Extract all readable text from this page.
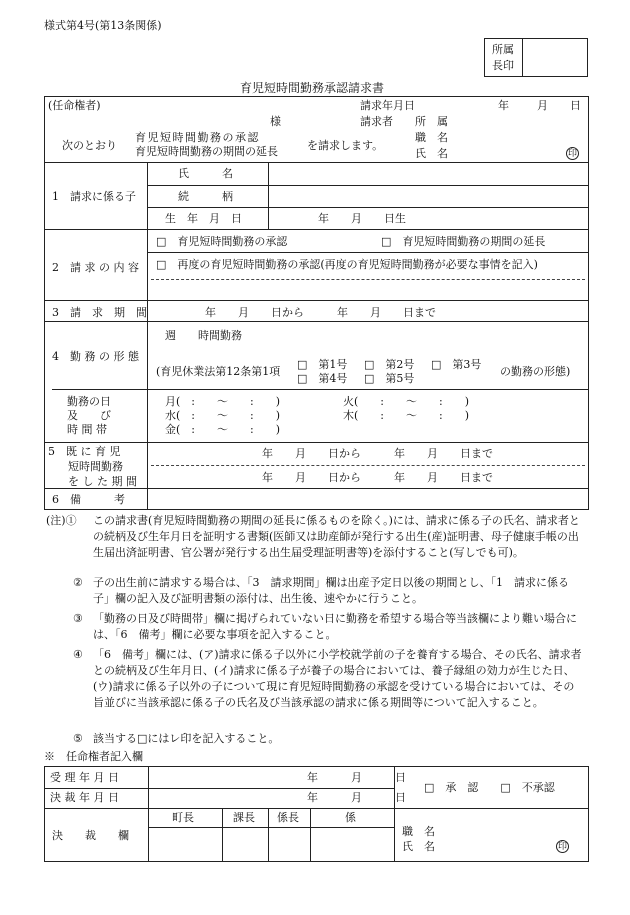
様式第4号(第13条関係)
所属
長印
育児短時間勤務承認請求書
(任命権者)	請求年月日	年	月 日
様	請求者 所　属
次のとおり
育児短時間勤務の承認
育児短時間勤務の期間の延長	を請求します。
職　名
氏　名	印
1　請求に係る子
氏　　　名
続　　　柄
生　年　月　日	年　　月　　日生
2　請 求 の 内 容
□　育児短時間勤務の承認	□　育児短時間勤務の期間の延長
□　再度の育児短時間勤務の承認(再度の育児短時間勤務が必要な事情を記入)
3　請　求　期　間	年　　月　　日から　　　年　　月　　日まで
4　勤 務 の 形 態
週　　時間勤務
(育児休業法第12条第1項
□　第1号 □　第2号 □　第3号
□　第4号 □　第5号
の勤務の形態)
勤務の日
及　　び
時 間 帯
月(　:　　〜　　:　　)	火(　　:　　〜　　:　　)
水(　:　　〜　　:　　)	木(　　:　　〜　　:　　)
金(　:　　〜　　:　　)
5　既 に 育 児
短時間勤務
を し た 期 間
年　　月　　日から　　　年　　月　　日まで
年　　月　　日から　　　年　　月　　日まで
6　備　　　考
(注)① この請求書(育児短時間勤務の期間の延長に係るものを除く。)には、請求に係る子の氏名、請求者との続柄及び生年月日を証明する書類(医師又は助産師が発行する出生(産)証明書、母子健康手帳の出生届出済証明書、官公署が発行する出生届受理証明書等)を添付すること(写しでも可)。
② 子の出生前に請求する場合は、「3　請求期間」欄は出産予定日以後の期間とし、「1　請求に係る子」欄の記入及び証明書類の添付は、出生後、速やかに行うこと。
③ 「勤務の日及び時間帯」欄に掲げられていない日に勤務を希望する場合等当該欄により難い場合には、「6　備考」欄に必要な事項を記入すること。
④ 「6　備考」欄には、(ア)請求に係る子以外に小学校就学前の子を養育する場合、その氏名、請求者との続柄及び生年月日、(イ)請求に係る子が養子の場合においては、養子縁組の効力が生じた日、(ウ)請求に係る子以外の子について現に育児短時間勤務の承認を受けている場合においては、その旨並びに当該承認に係る子の氏名及び当該承認の請求に係る期間等について記入すること。
⑤ 該当する□にはレ印を記入すること。
※　任命権者記入欄
受 理 年 月 日	年　　　月　　　日
決 裁 年 月 日	年　　　月　　　日
□　承　認　　□　不承認
決　　裁　　欄
町長	課長 係長	係
職　名
氏　名	印
